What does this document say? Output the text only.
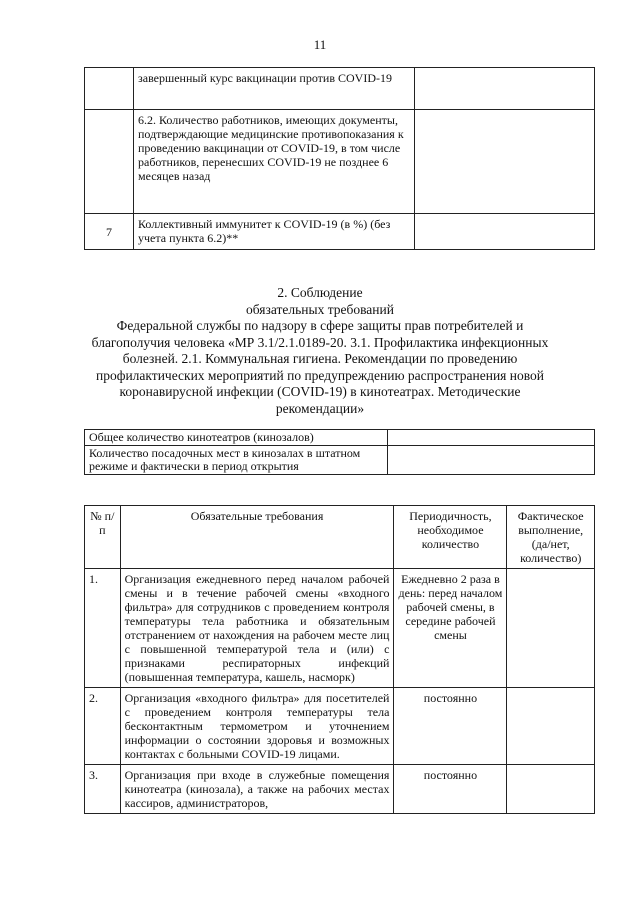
11
	завершенный курс вакцинации против COVID-19	
	6.2. Количество работников, имеющих документы, подтверждающие медицинские противопоказания к проведению вакцинации от COVID-19, в том числе работников, перенесших COVID-19 не позднее 6 месяцев назад	
7	Коллективный иммунитет к COVID-19 (в %) (без учета пункта 6.2)**	
2. Соблюдение
обязательных требований
Федеральной службы по надзору в сфере защиты прав потребителей и благополучия человека «МР 3.1/2.1.0189-20. 3.1. Профилактика инфекционных болезней. 2.1. Коммунальная гигиена. Рекомендации по проведению профилактических мероприятий по предупреждению распространения новой коронавирусной инфекции (COVID-19) в кинотеатрах. Методические рекомендации»
Общее количество кинотеатров (кинозалов)	
Количество посадочных мест в кинозалах в штатном режиме и фактически в период открытия	
№ п/п	Обязательные требования	Периодичность, необходимое количество	Фактическое выполнение, (да/нет, количество)
1.	Организация ежедневного перед началом рабочей смены и в течение рабочей смены «входного фильтра» для сотрудников с проведением контроля температуры тела работника и обязательным отстранением от нахождения на рабочем месте лиц с повышенной температурой тела и (или) с признаками респираторных инфекций (повышенная температура, кашель, насморк)	Ежедневно 2 раза в день: перед началом рабочей смены, в середине рабочей смены	
2.	Организация «входного фильтра» для посетителей с проведением контроля температуры тела бесконтактным термометром и уточнением информации о состоянии здоровья и возможных контактах с больными COVID-19 лицами.	постоянно	
3.	Организация при входе в служебные помещения кинотеатра (кинозала), а также на рабочих местах кассиров, администраторов,	постоянно	
